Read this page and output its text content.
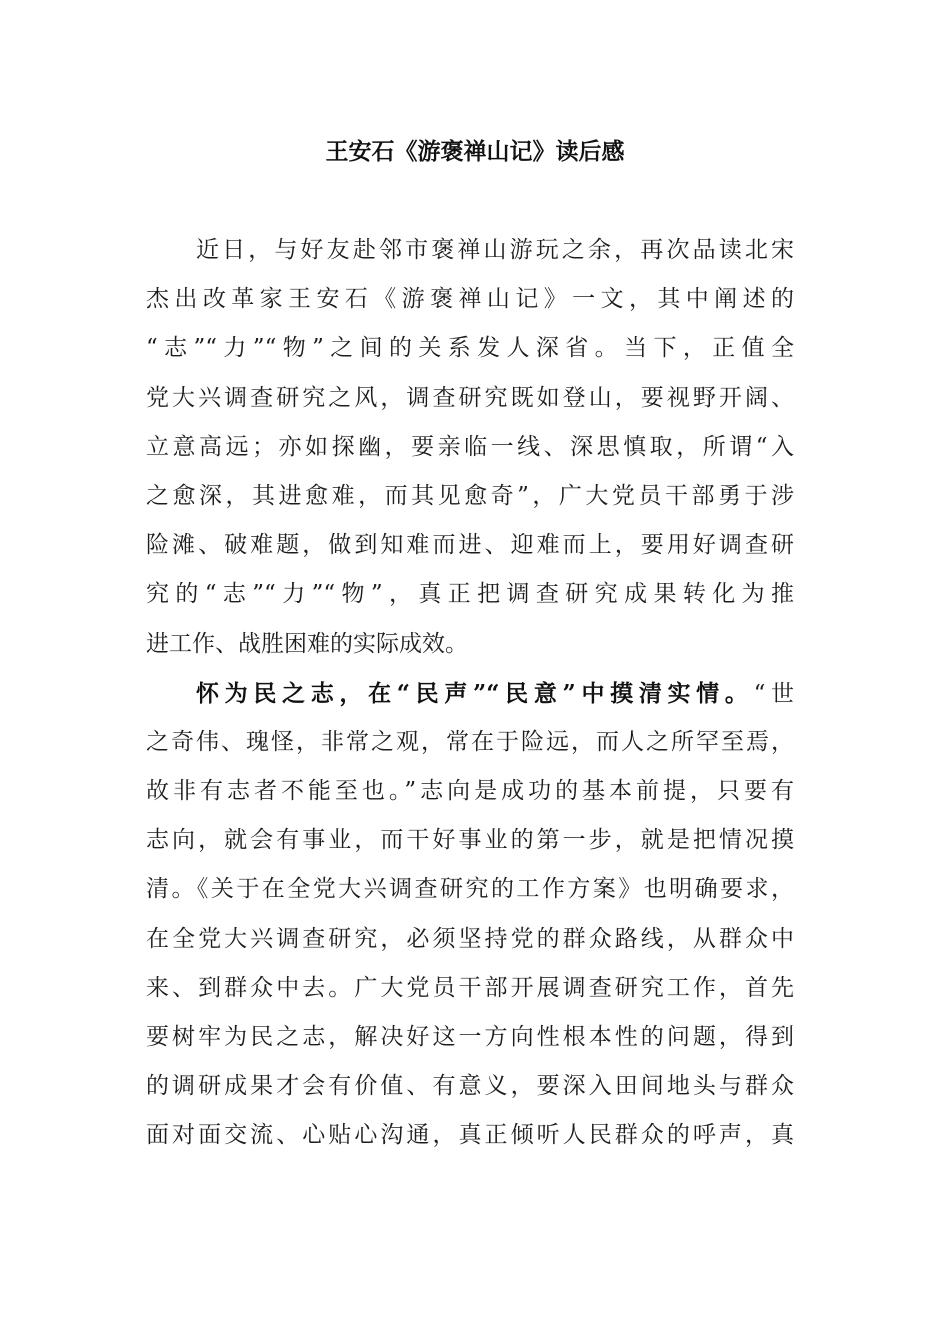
王安石《游褒禅山记》读后感
近日，与好友赴邻市褒禅山游玩之余，再次品读北宋
杰出改革家王安石《游褒禅山记》一文，其中阐述的
“志”“力”“物”之间的关系发人深省。当下，正值全
党大兴调查研究之风，调查研究既如登山，要视野开阔、
立意高远；亦如探幽，要亲临一线、深思慎取，所谓“入
之愈深，其进愈难，而其见愈奇”，广大党员干部勇于涉
险滩、破难题，做到知难而进、迎难而上，要用好调查研
究的“志”“力”“物”，真正把调查研究成果转化为推
进工作、战胜困难的实际成效。
怀为民之志，在“民声”“民意”中摸清实情。“世
之奇伟、瑰怪，非常之观，常在于险远，而人之所罕至焉，
故非有志者不能至也。”志向是成功的基本前提，只要有
志向，就会有事业，而干好事业的第一步，就是把情况摸
清。《关于在全党大兴调查研究的工作方案》也明确要求，
在全党大兴调查研究，必须坚持党的群众路线，从群众中
来、到群众中去。广大党员干部开展调查研究工作，首先
要树牢为民之志，解决好这一方向性根本性的问题，得到
的调研成果才会有价值、有意义，要深入田间地头与群众
面对面交流、心贴心沟通，真正倾听人民群众的呼声，真
